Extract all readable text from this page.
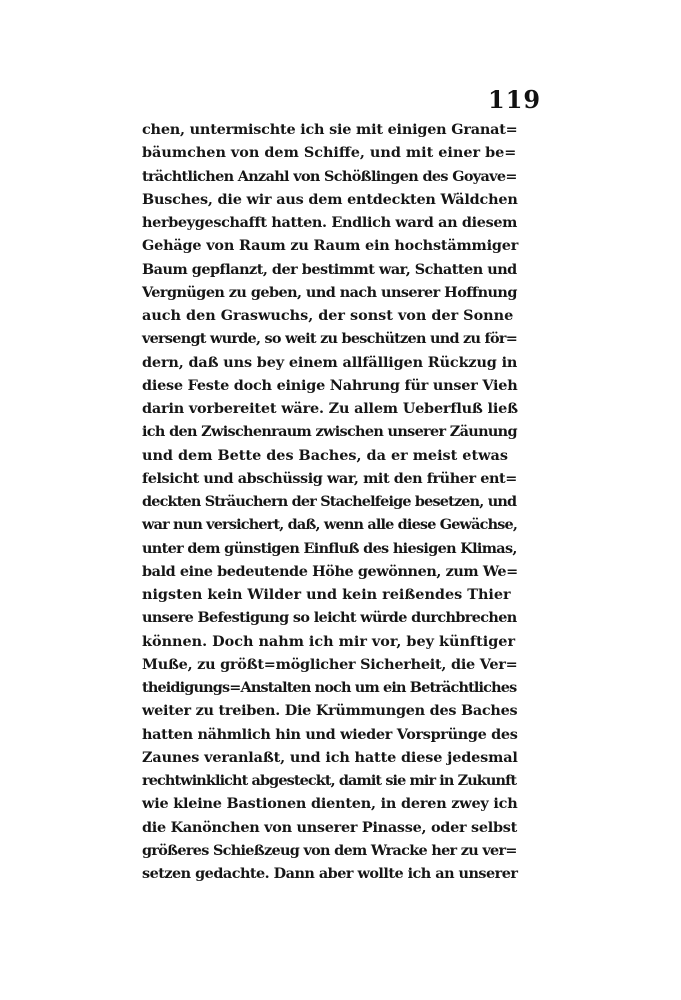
119
chen, untermischte ich sie mit einigen Granat=
bäumchen von dem Schiffe, und mit einer be=
trächtlichen Anzahl von Schößlingen des Goyave=
Busches, die wir aus dem entdeckten Wäldchen
herbeygeschafft hatten. Endlich ward an diesem
Gehäge von Raum zu Raum ein hochstämmiger
Baum gepflanzt, der bestimmt war, Schatten und
Vergnügen zu geben, und nach unserer Hoffnung
auch den Graswuchs, der sonst von der Sonne
versengt wurde, so weit zu beschützen und zu för=
dern, daß uns bey einem allfälligen Rückzug in
diese Feste doch einige Nahrung für unser Vieh
darin vorbereitet wäre. Zu allem Ueberfluß ließ
ich den Zwischenraum zwischen unserer Zäunung
und dem Bette des Baches, da er meist etwas
felsicht und abschüssig war, mit den früher ent=
deckten Sträuchern der Stachelfeige besetzen, und
war nun versichert, daß, wenn alle diese Gewächse,
unter dem günstigen Einfluß des hiesigen Klimas,
bald eine bedeutende Höhe gewönnen, zum We=
nigsten kein Wilder und kein reißendes Thier
unsere Befestigung so leicht würde durchbrechen
können. Doch nahm ich mir vor, bey künftiger
Muße, zu größt=möglicher Sicherheit, die Ver=
theidigungs=Anstalten noch um ein Beträchtliches
weiter zu treiben. Die Krümmungen des Baches
hatten nähmlich hin und wieder Vorsprünge des
Zaunes veranlaßt, und ich hatte diese jedesmal
rechtwinklicht abgesteckt, damit sie mir in Zukunft
wie kleine Bastionen dienten, in deren zwey ich
die Kanönchen von unserer Pinasse, oder selbst
größeres Schießzeug von dem Wracke her zu ver=
setzen gedachte. Dann aber wollte ich an unserer
